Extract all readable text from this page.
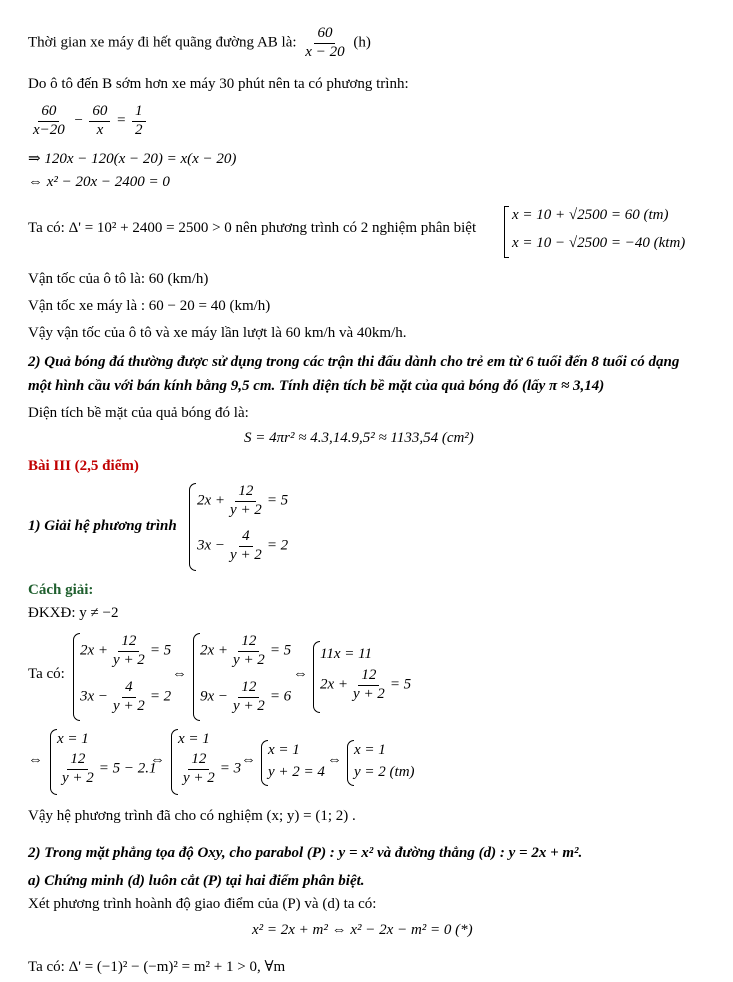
Thời gian xe máy đi hết quãng đường AB là: $\frac{60}{x - 20} (h)$
Do ô tô đến B sớm hơn xe máy 30 phút nên ta có phương trình:
$\frac{60}{x-20} - \frac{60}{x} = \frac{1}{2}$
⇒ 120x − 120(x − 20) = x(x − 20)
⇔ x² − 20x − 2400 = 0
Ta có: Δ' = 10² + 2400 = 2500 > 0 nên phương trình có 2 nghiệm phân biệt
x = 10 + √2500 = 60 (tm)
x = 10 − √2500 = −40 (ktm)
Vận tốc của ô tô là: 60 (km/h)
Vận tốc xe máy là : 60 − 20 = 40 (km/h)
Vậy vận tốc của ô tô và xe máy lần lượt là 60 km/h và 40km/h.
2) Quả bóng đá thường được sử dụng trong các trận thi đấu dành cho trẻ em từ 6 tuổi đến 8 tuổi có dạng
một hình cầu với bán kính bằng 9,5 cm. Tính diện tích bề mặt của quả bóng đó (lấy π ≈ 3,14)
Diện tích bề mặt của quả bóng đó là:
S = 4πr² ≈ 4.3,14.9,5² ≈ 1133,54 (cm²)
Bài III (2,5 điểm)
1) Giải hệ phương trình
$2x + \frac{12}{y + 2} = 5$
$3x - \frac{4}{y + 2} = 2$
Cách giải:
ĐKXĐ: y ≠ −2
Ta có:
$2x + \frac{12}{y + 2} = 5$
$3x - \frac{4}{y + 2} = 2$
⇔
$2x + \frac{12}{y + 2} = 5$
$9x - \frac{12}{y + 2} = 6$
⇔
11x = 11
$2x + \frac{12}{y + 2} = 5$
⇔
x = 1
$\frac{12}{y + 2} = 5 - 2.1$
⇔
x = 1
$\frac{12}{y + 2} = 3$
⇔
x = 1
y + 2 = 4
⇔
x = 1
y = 2 (tm)
Vậy hệ phương trình đã cho có nghiệm (x; y) = (1; 2) .
2) Trong mặt phẳng tọa độ Oxy, cho parabol (P) : y = x² và đường thẳng (d) : y = 2x + m².
a) Chứng minh (d) luôn cắt (P) tại hai điểm phân biệt.
Xét phương trình hoành độ giao điểm của (P) và (d) ta có:
x² = 2x + m² ⇔ x² − 2x − m² = 0 (*)
Ta có: Δ' = (−1)² − (−m)² = m² + 1 > 0, ∀m
